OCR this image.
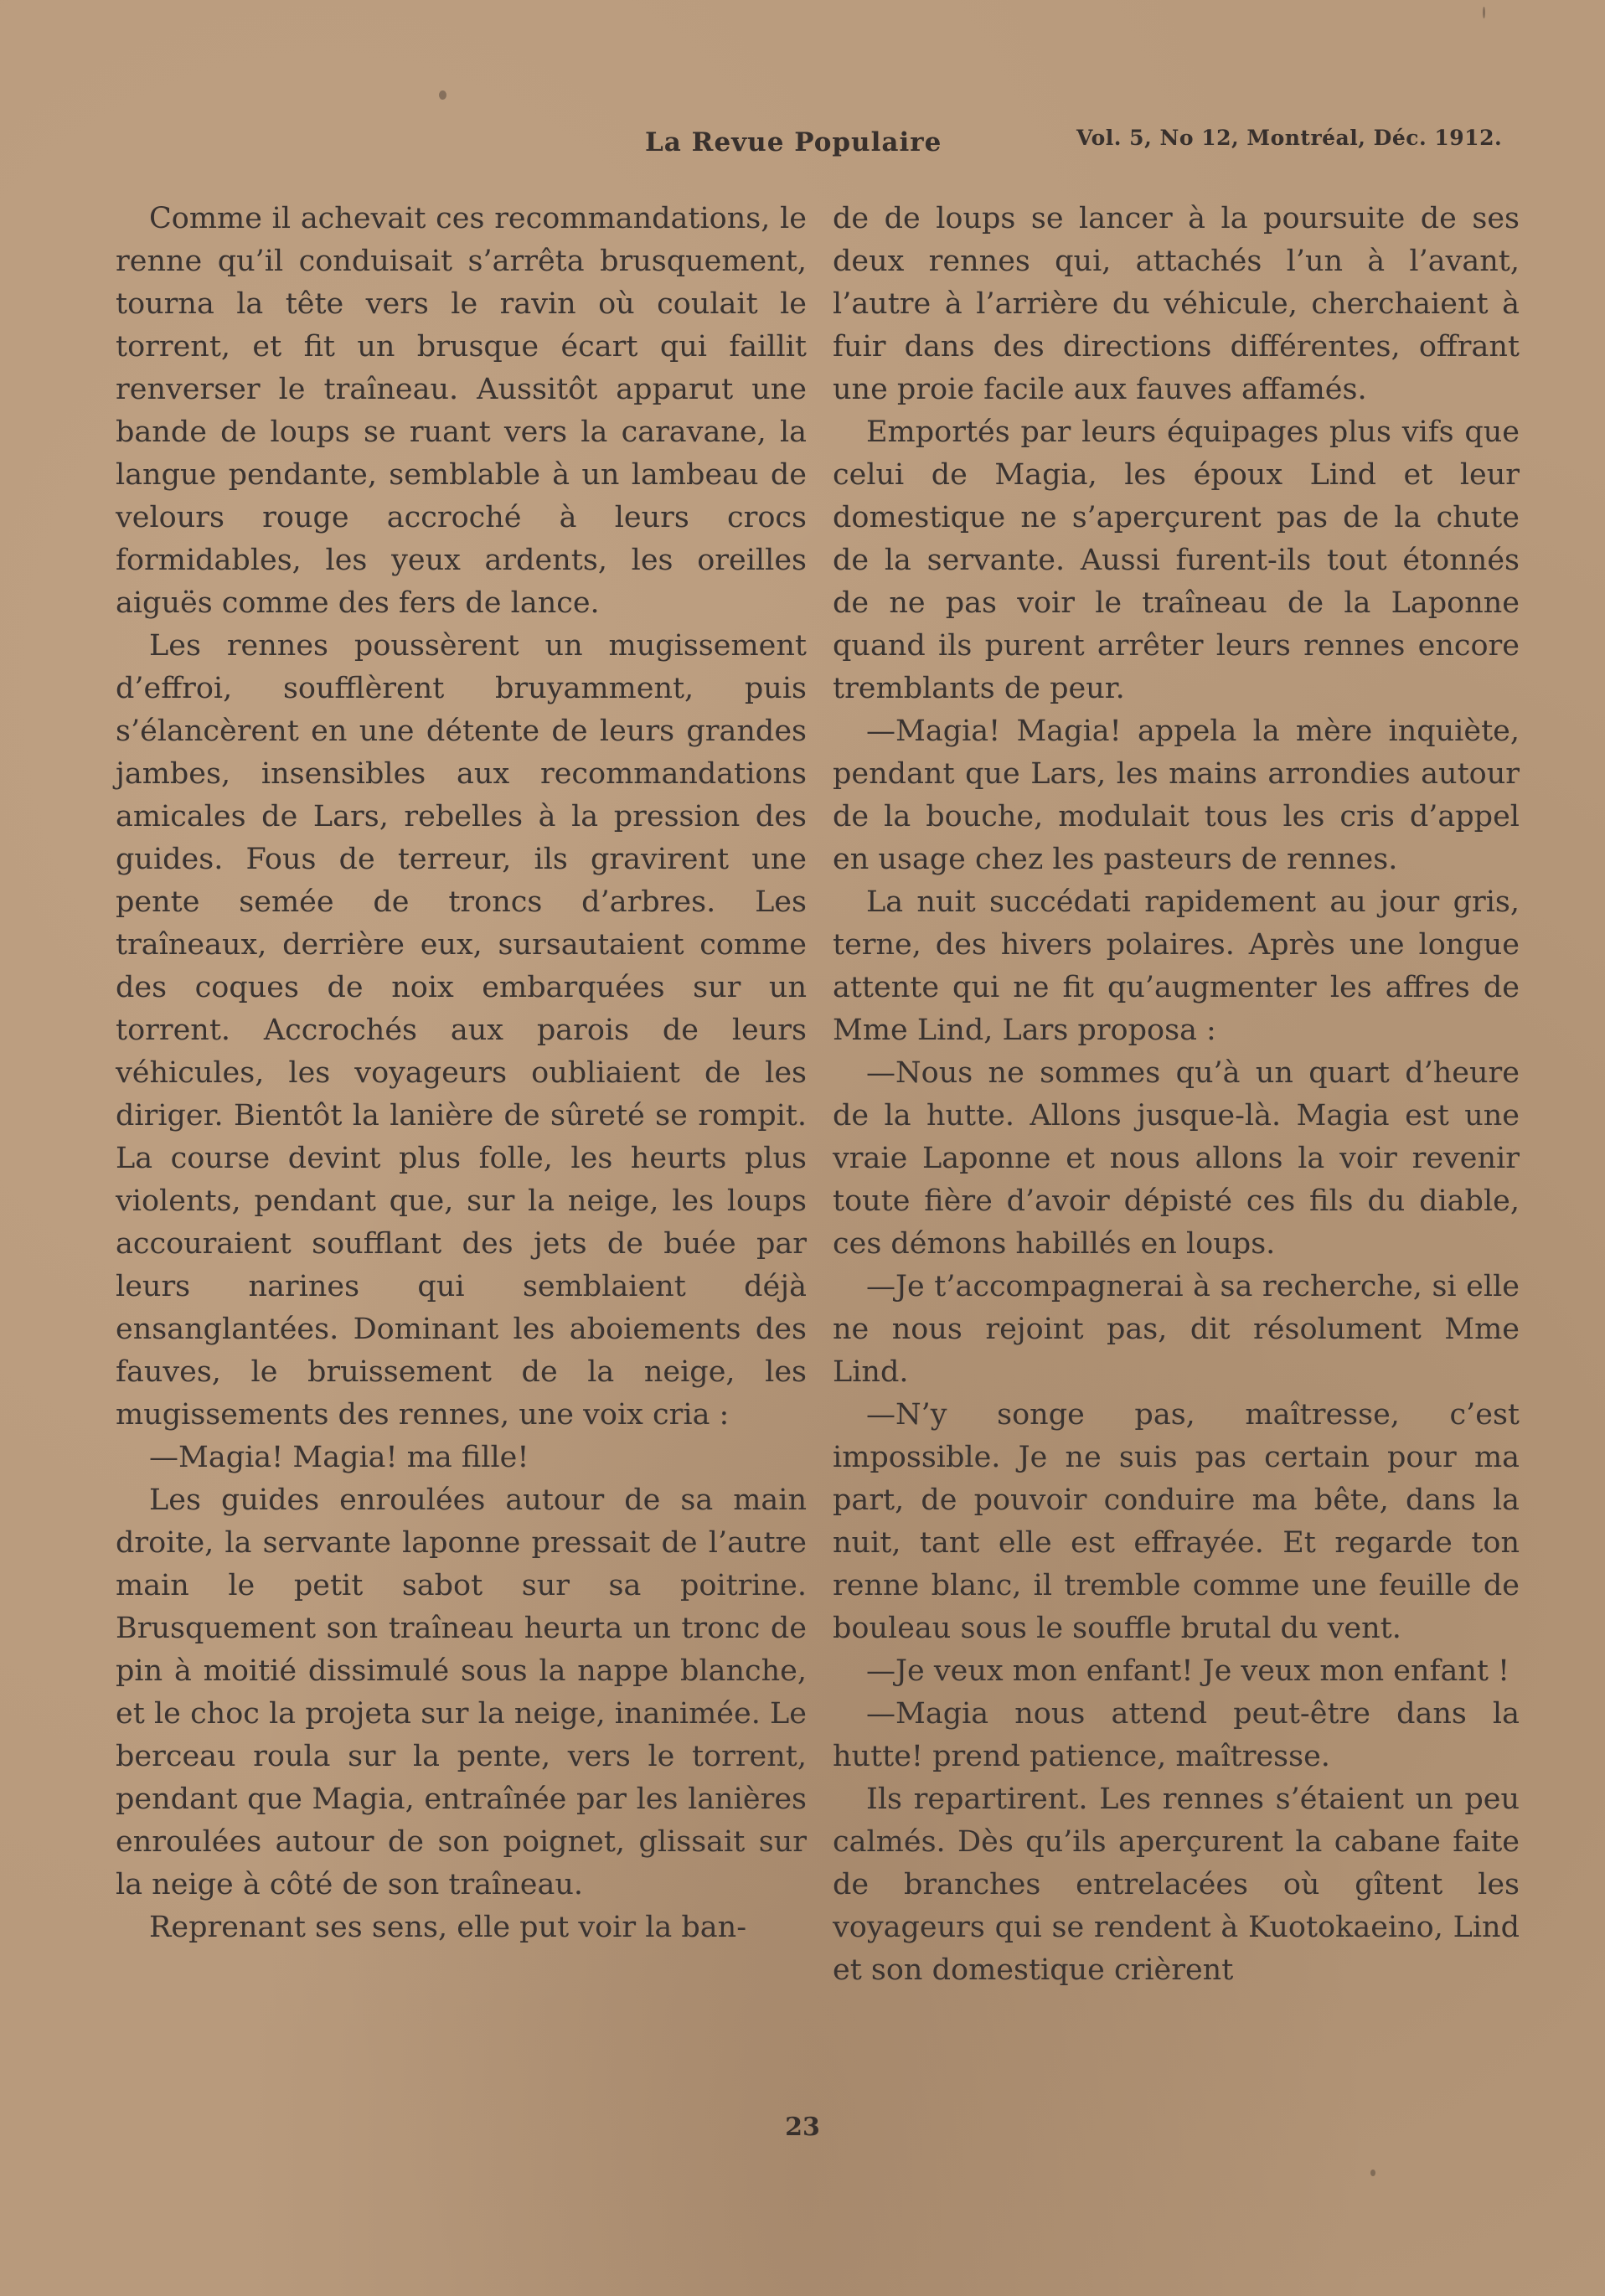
La Revue Populaire	Vol. 5, No 12, Montréal, Déc. 1912.

Comme il achevait ces recommandations, le renne qu’il conduisait s’arrêta brusquement, tourna la tête vers le ravin où coulait le torrent, et fit un brusque écart qui faillit renverser le traîneau. Aussitôt apparut une bande de loups se ruant vers la caravane, la langue pendante, semblable à un lambeau de velours rouge accroché à leurs crocs formidables, les yeux ardents, les oreilles aiguës comme des fers de lance.

Les rennes poussèrent un mugissement d’effroi, soufflèrent bruyamment, puis s’élancèrent en une détente de leurs grandes jambes, insensibles aux recommandations amicales de Lars, rebelles à la pression des guides. Fous de terreur, ils gravirent une pente semée de troncs d’arbres. Les traîneaux, derrière eux, sursautaient comme des coques de noix embarquées sur un torrent. Accrochés aux parois de leurs véhicules, les voyageurs oubliaient de les diriger. Bientôt la lanière de sûreté se rompit. La course devint plus folle, les heurts plus violents, pendant que, sur la neige, les loups accouraient soufflant des jets de buée par leurs narines qui semblaient déjà ensanglantées. Dominant les aboiements des fauves, le bruissement de la neige, les mugissements des rennes, une voix cria :

—Magia! Magia! ma fille!

Les guides enroulées autour de sa main droite, la servante laponne pressait de l’autre main le petit sabot sur sa poitrine. Brusquement son traîneau heurta un tronc de pin à moitié dissimulé sous la nappe blanche, et le choc la projeta sur la neige, inanimée. Le berceau roula sur la pente, vers le torrent, pendant que Magia, entraînée par les lanières enroulées autour de son poignet, glissait sur la neige à côté de son traîneau.

Reprenant ses sens, elle put voir la ban-

de de loups se lancer à la poursuite de ses deux rennes qui, attachés l’un à l’avant, l’autre à l’arrière du véhicule, cherchaient à fuir dans des directions différentes, offrant une proie facile aux fauves affamés.

Emportés par leurs équipages plus vifs que celui de Magia, les époux Lind et leur domestique ne s’aperçurent pas de la chute de la servante. Aussi furent-ils tout étonnés de ne pas voir le traîneau de la Laponne quand ils purent arrêter leurs rennes encore tremblants de peur.

—Magia! Magia! appela la mère inquiète, pendant que Lars, les mains arrondies autour de la bouche, modulait tous les cris d’appel en usage chez les pasteurs de rennes.

La nuit succédati rapidement au jour gris, terne, des hivers polaires. Après une longue attente qui ne fit qu’augmenter les affres de Mme Lind, Lars proposa :

—Nous ne sommes qu’à un quart d’heure de la hutte. Allons jusque-là. Magia est une vraie Laponne et nous allons la voir revenir toute fière d’avoir dépisté ces fils du diable, ces démons habillés en loups.

—Je t’accompagnerai à sa recherche, si elle ne nous rejoint pas, dit résolument Mme Lind.

—N’y songe pas, maîtresse, c’est impossible. Je ne suis pas certain pour ma part, de pouvoir conduire ma bête, dans la nuit, tant elle est effrayée. Et regarde ton renne blanc, il tremble comme une feuille de bouleau sous le souffle brutal du vent.

—Je veux mon enfant! Je veux mon enfant !

—Magia nous attend peut-être dans la hutte! prend patience, maîtresse.

Ils repartirent. Les rennes s’étaient un peu calmés. Dès qu’ils aperçurent la cabane faite de branches entrelacées où gîtent les voyageurs qui se rendent à Kuotokaeino, Lind et son domestique crièrent

23
